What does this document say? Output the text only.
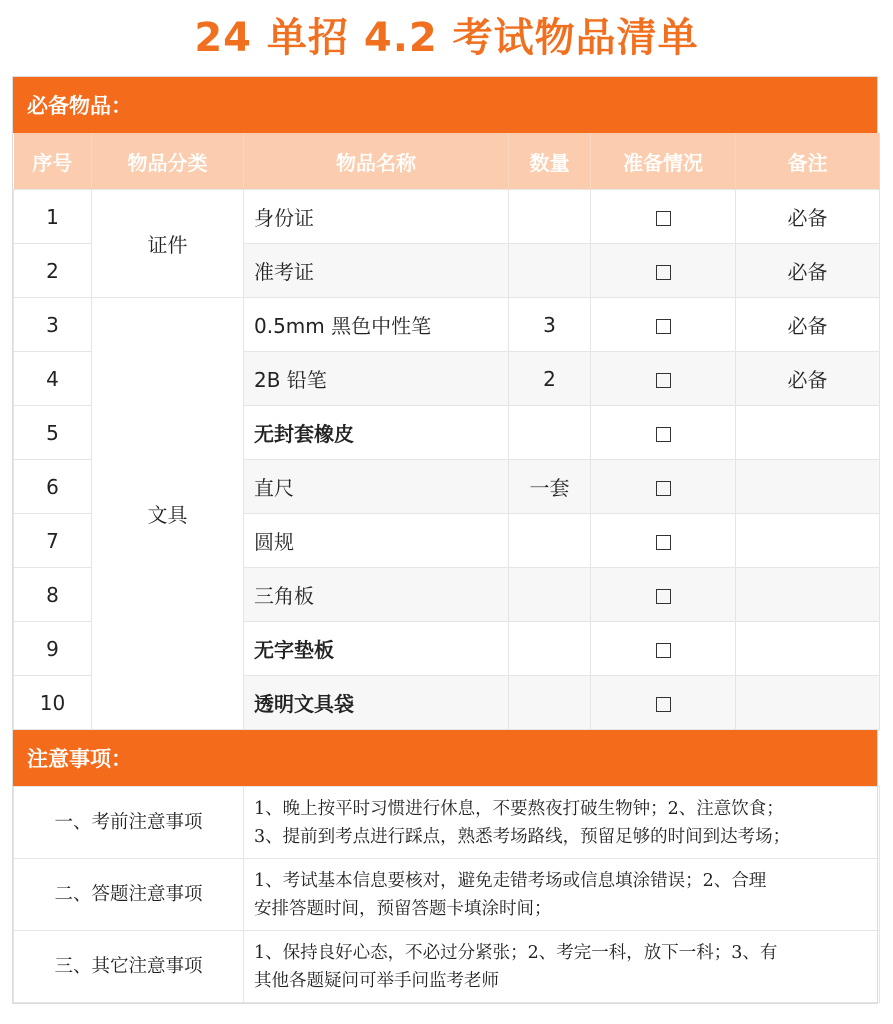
24 单招 4.2 考试物品清单
必备物品：
序号	物品分类	物品名称	数量	准备情况	备注
1	证件	身份证			必备
2		准考证			必备
3	文具	0.5mm 黑色中性笔	3		必备
4		2B 铅笔	2		必备
5		无封套橡皮			
6		直尺	一套		
7		圆规			
8		三角板			
9		无字垫板			
10		透明文具袋			
注意事项：
一、考前注意事项	1、晚上按平时习惯进行休息，不要熬夜打破生物钟；2、注意饮食；
3、提前到考点进行踩点，熟悉考场路线，预留足够的时间到达考场；

二、答题注意事项	1、考试基本信息要核对，避免走错考场或信息填涂错误；2、合理
安排答题时间，预留答题卡填涂时间；

三、其它注意事项	1、保持良好心态，不必过分紧张；2、考完一科，放下一科；3、有
其他各题疑问可举手问监考老师
